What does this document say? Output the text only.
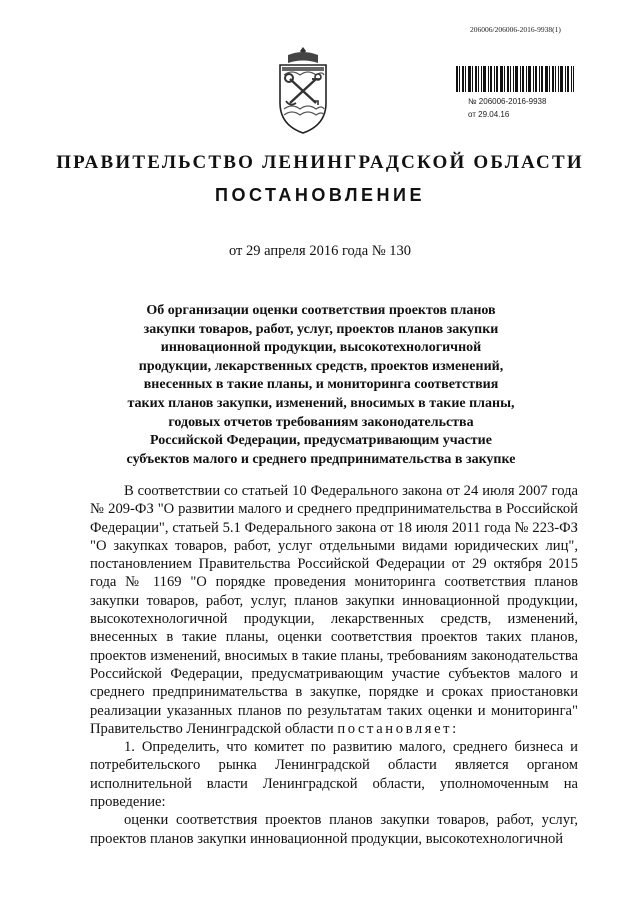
206006/206006-2016-9938(1)
№ 206006-2016-9938
от 29.04.16
ПРАВИТЕЛЬСТВО ЛЕНИНГРАДСКОЙ ОБЛАСТИ
ПОСТАНОВЛЕНИЕ
от 29 апреля 2016 года № 130
Об организации оценки соответствия проектов планов
закупки товаров, работ, услуг, проектов планов закупки
инновационной продукции, высокотехнологичной
продукции, лекарственных средств, проектов изменений,
внесенных в такие планы, и мониторинга соответствия
таких планов закупки, изменений, вносимых в такие планы,
годовых отчетов требованиям законодательства
Российской Федерации, предусматривающим участие
субъектов малого и среднего предпринимательства в закупке

В соответствии со статьей 10 Федерального закона от 24 июля 2007 года № 209-ФЗ "О развитии малого и среднего предпринимательства в Российской Федерации", статьей 5.1 Федерального закона от 18 июля 2011 года № 223-ФЗ "О закупках товаров, работ, услуг отдельными видами юридических лиц", постановлением Правительства Российской Федерации от 29 октября 2015 года № 1169 "О порядке проведения мониторинга соответствия планов закупки товаров, работ, услуг, планов закупки инновационной продукции, высокотехнологичной продукции, лекарственных средств, изменений, внесенных в такие планы, оценки соответствия проектов таких планов, проектов изменений, вносимых в такие планы, требованиям законодательства Российской Федерации, предусматривающим участие субъектов малого и среднего предпринимательства в закупке, порядке и сроках приостановки реализации указанных планов по результатам таких оценки и мониторинга" Правительство Ленинградской области постановляет:

1. Определить, что комитет по развитию малого, среднего бизнеса и потребительского рынка Ленинградской области является органом исполнительной власти Ленинградской области, уполномоченным на проведение:

оценки соответствия проектов планов закупки товаров, работ, услуг, проектов планов закупки инновационной продукции, высокотехнологичной
